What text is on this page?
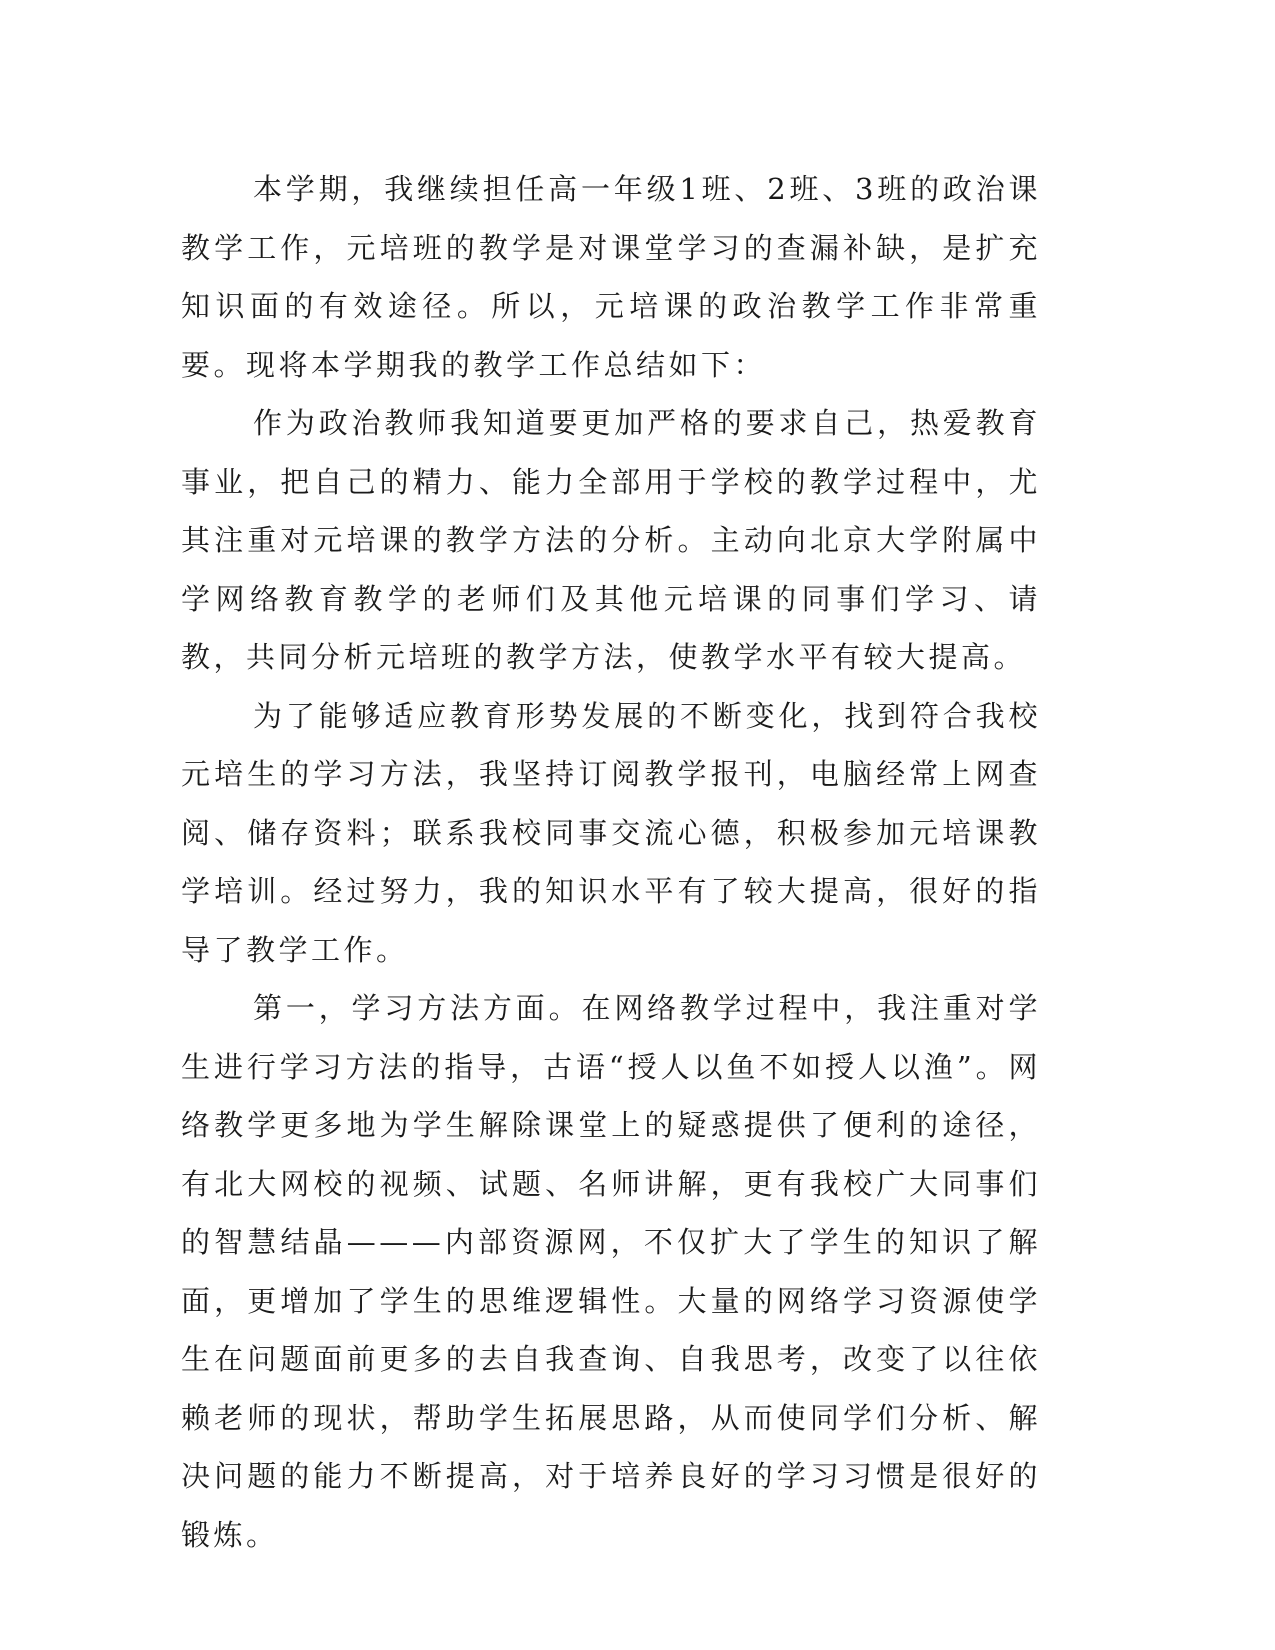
本学期，我继续担任高一年级1班、2班、3班的政治课教学工作，元培班的教学是对课堂学习的查漏补缺，是扩充知识面的有效途径。所以，元培课的政治教学工作非常重要。现将本学期我的教学工作总结如下：

作为政治教师我知道要更加严格的要求自己，热爱教育事业，把自己的精力、能力全部用于学校的教学过程中，尤其注重对元培课的教学方法的分析。主动向北京大学附属中学网络教育教学的老师们及其他元培课的同事们学习、请教，共同分析元培班的教学方法，使教学水平有较大提高。

为了能够适应教育形势发展的不断变化，找到符合我校元培生的学习方法，我坚持订阅教学报刊，电脑经常上网查阅、储存资料；联系我校同事交流心德，积极参加元培课教学培训。经过努力，我的知识水平有了较大提高，很好的指导了教学工作。

第一，学习方法方面。在网络教学过程中，我注重对学生进行学习方法的指导，古语“授人以鱼不如授人以渔”。网络教学更多地为学生解除课堂上的疑惑提供了便利的途径，有北大网校的视频、试题、名师讲解，更有我校广大同事们的智慧结晶———内部资源网，不仅扩大了学生的知识了解面，更增加了学生的思维逻辑性。大量的网络学习资源使学生在问题面前更多的去自我查询、自我思考，改变了以往依赖老师的现状，帮助学生拓展思路，从而使同学们分析、解决问题的能力不断提高，对于培养良好的学习习惯是很好的锻炼。
